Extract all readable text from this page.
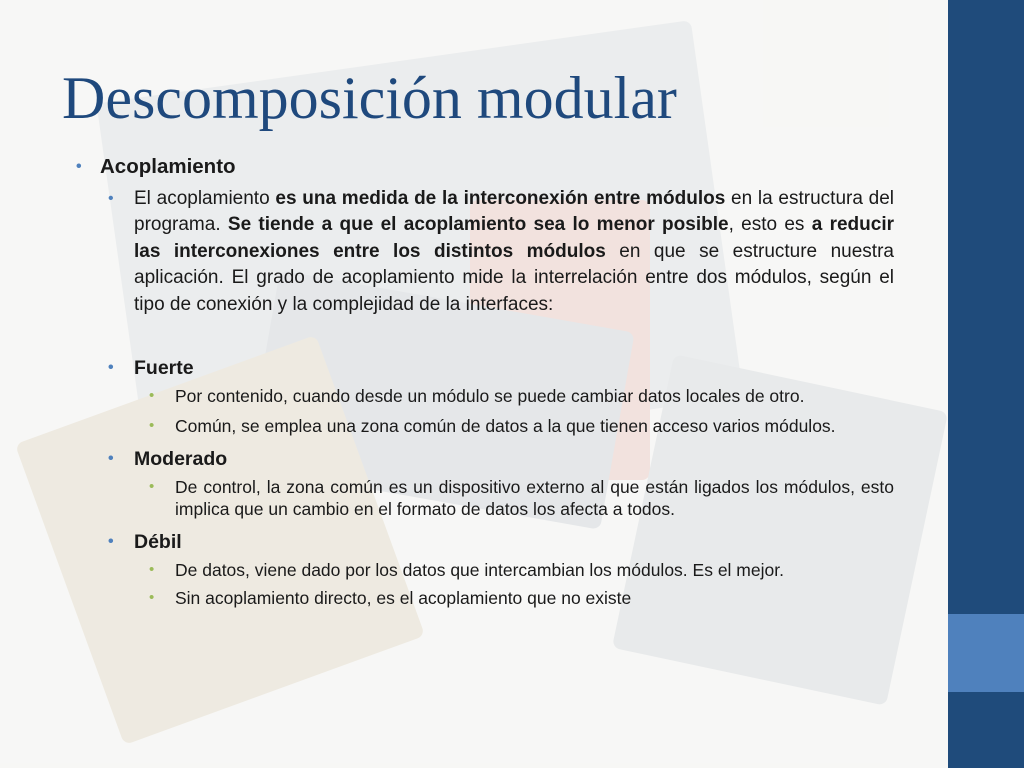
Descomposición modular
• Acoplamiento
• El acoplamiento es una medida de la interconexión entre módulos en la estructura del programa. Se tiende a que el acoplamiento sea lo menor posible, esto es a reducir las interconexiones entre los distintos módulos en que se estructure nuestra aplicación. El grado de acoplamiento mide la interrelación entre dos módulos, según el tipo de conexión y la complejidad de la interfaces:
• Fuerte
• Por contenido, cuando desde un módulo se puede cambiar datos locales de otro.
• Común, se emplea una zona común de datos a la que tienen acceso varios módulos.
• Moderado
• De control, la zona común es un dispositivo externo al que están ligados los módulos, esto implica que un cambio en el formato de datos los afecta a todos.
• Débil
• De datos, viene dado por los datos que intercambian los módulos. Es el mejor.
• Sin acoplamiento directo, es el acoplamiento que no existe
